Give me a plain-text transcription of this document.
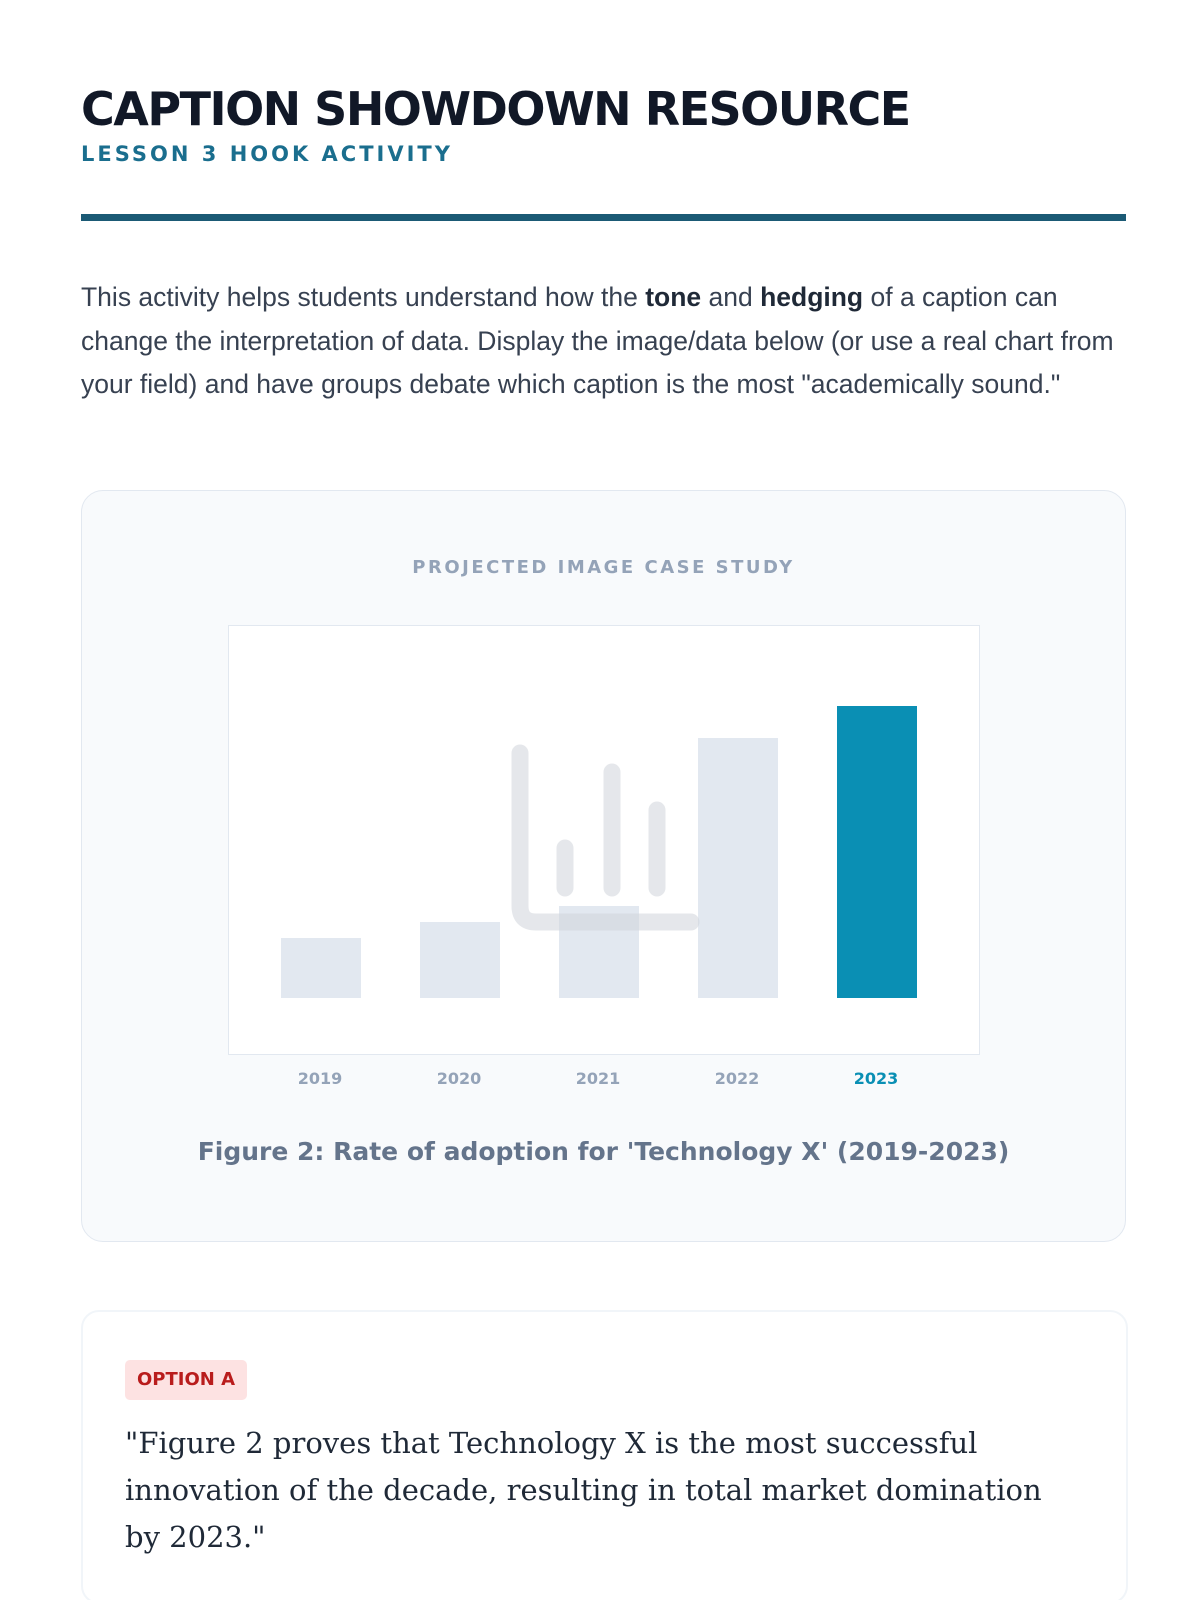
CAPTION SHOWDOWN RESOURCE
LESSON 3 HOOK ACTIVITY

This activity helps students understand how the tone and hedging of a caption can change the interpretation of data. Display the image/data below (or use a real chart from your field) and have groups debate which caption is the most "academically sound."

PROJECTED IMAGE CASE STUDY
2019	2020	2021	2022	2023
Figure 2: Rate of adoption for 'Technology X' (2019-2023)
OPTION A

"Figure 2 proves that Technology X is the most successful innovation of the decade, resulting in total market domination by 2023."
